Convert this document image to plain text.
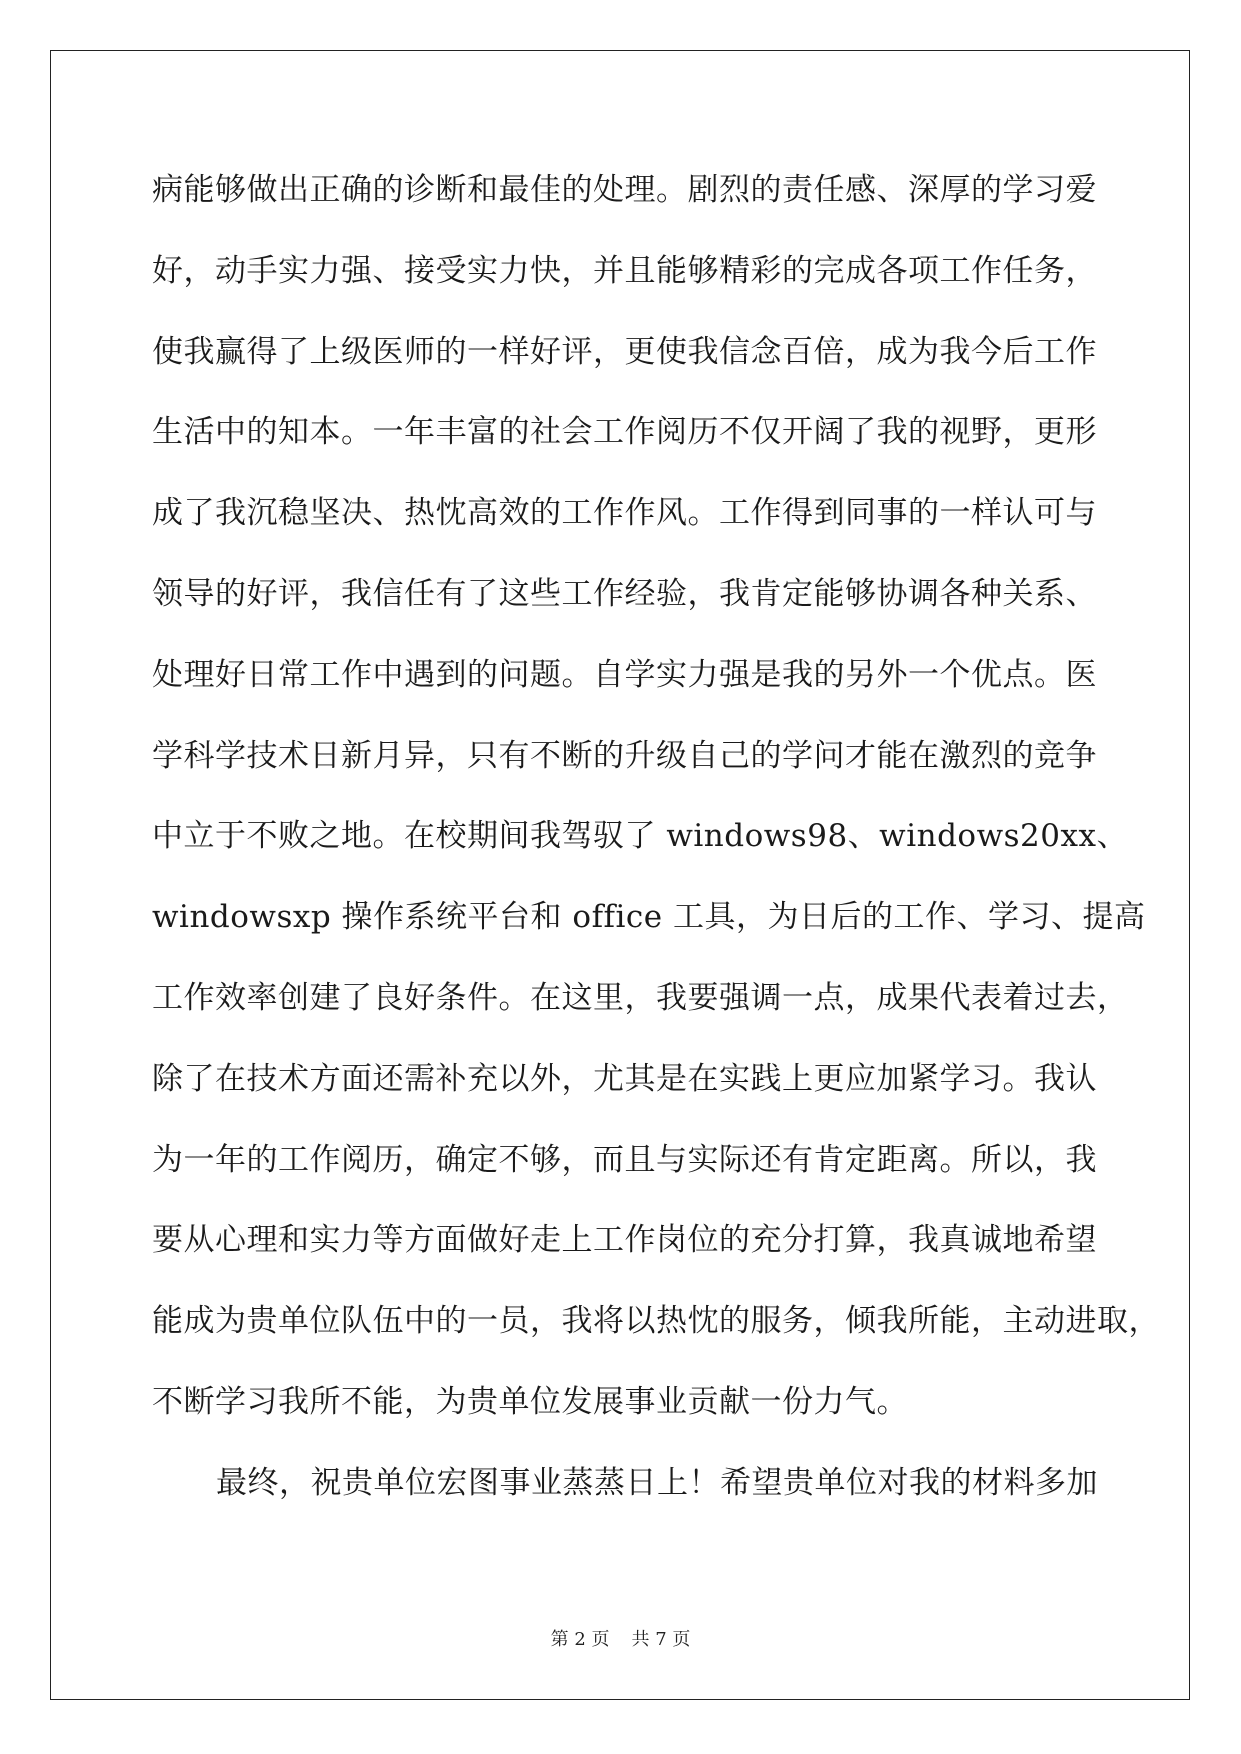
病能够做出正确的诊断和最佳的处理。剧烈的责任感、深厚的学习爱
好，动手实力强、接受实力快，并且能够精彩的完成各项工作任务，
使我赢得了上级医师的一样好评，更使我信念百倍，成为我今后工作
生活中的知本。一年丰富的社会工作阅历不仅开阔了我的视野，更形
成了我沉稳坚决、热忱高效的工作作风。工作得到同事的一样认可与
领导的好评，我信任有了这些工作经验，我肯定能够协调各种关系、
处理好日常工作中遇到的问题。自学实力强是我的另外一个优点。医
学科学技术日新月异，只有不断的升级自己的学问才能在激烈的竞争
中立于不败之地。在校期间我驾驭了 windows98、windows20xx、
windowsxp 操作系统平台和 office 工具，为日后的工作、学习、提高
工作效率创建了良好条件。在这里，我要强调一点，成果代表着过去，
除了在技术方面还需补充以外，尤其是在实践上更应加紧学习。我认
为一年的工作阅历，确定不够，而且与实际还有肯定距离。所以，我
要从心理和实力等方面做好走上工作岗位的充分打算，我真诚地希望
能成为贵单位队伍中的一员，我将以热忱的服务，倾我所能，主动进取，
不断学习我所不能，为贵单位发展事业贡献一份力气。
最终，祝贵单位宏图事业蒸蒸日上！希望贵单位对我的材料多加
第 2 页 共 7 页
